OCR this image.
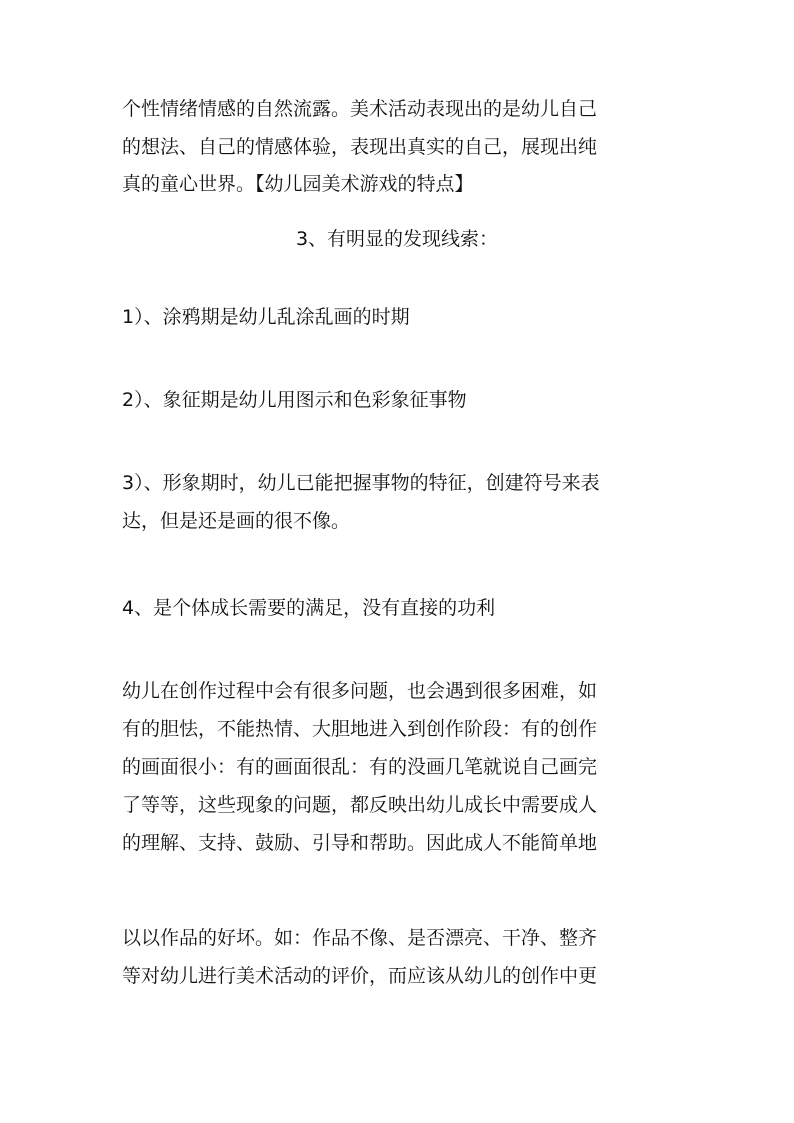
个性情绪情感的自然流露。美术活动表现出的是幼儿自己
的想法、自己的情感体验，表现出真实的自己，展现出纯
真的童心世界。【幼儿园美术游戏的特点】
3、有明显的发现线索：
1）、涂鸦期是幼儿乱涂乱画的时期
2）、象征期是幼儿用图示和色彩象征事物
3）、形象期时，幼儿已能把握事物的特征，创建符号来表
达，但是还是画的很不像。
4、是个体成长需要的满足，没有直接的功利
幼儿在创作过程中会有很多问题，也会遇到很多困难，如
有的胆怯，不能热情、大胆地进入到创作阶段：有的创作
的画面很小：有的画面很乱：有的没画几笔就说自己画完
了等等，这些现象的问题，都反映出幼儿成长中需要成人
的理解、支持、鼓励、引导和帮助。因此成人不能简单地
以以作品的好坏。如：作品不像、是否漂亮、干净、整齐
等对幼儿进行美术活动的评价，而应该从幼儿的创作中更
